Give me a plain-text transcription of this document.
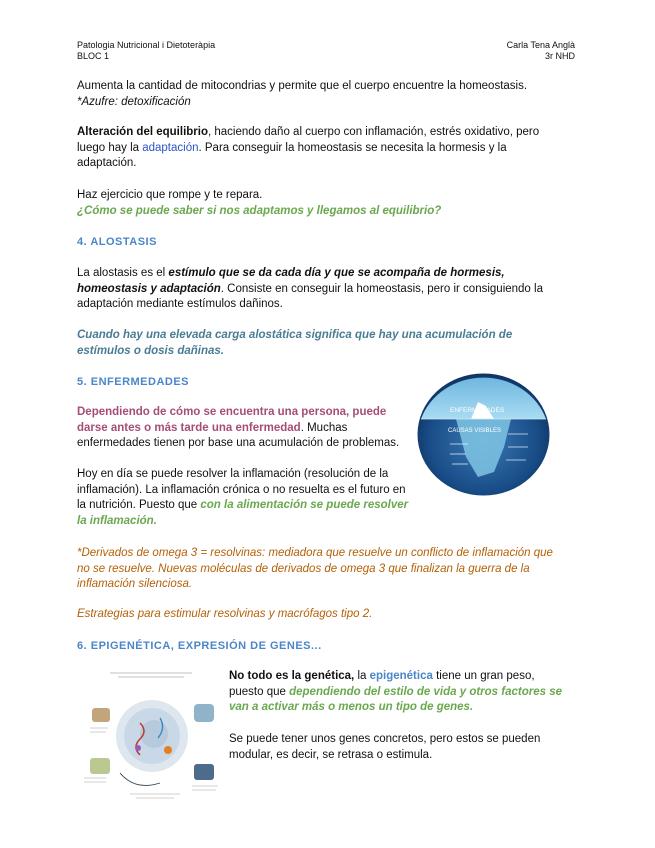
Patologia Nutricional i Dietoteràpia
BLOC 1
Carla Tena Anglà
3r NHD

Aumenta la cantidad de mitocondrias y permite que el cuerpo encuentre la homeostasis.
*Azufre: detoxificación

Alteración del equilibrio, haciendo daño al cuerpo con inflamación, estrés oxidativo, pero
luego hay la adaptación. Para conseguir la homeostasis se necesita la hormesis y la
adaptación.

Haz ejercicio que rompe y te repara.
¿Cómo se puede saber si nos adaptamos y llegamos al equilibrio?

4. ALOSTASIS

La alostasis es el estímulo que se da cada día y que se acompaña de hormesis,
homeostasis y adaptación. Consiste en conseguir la homeostasis, pero ir consiguiendo la
adaptación mediante estímulos dañinos.

Cuando hay una elevada carga alostática significa que hay una acumulación de
estímulos o dosis dañinas.

5. ENFERMEDADES

Dependiendo de cómo se encuentra una persona, puede
darse antes o más tarde una enfermedad. Muchas
enfermedades tienen por base una acumulación de problemas.

Hoy en día se puede resolver la inflamación (resolución de la
inflamación). La inflamación crónica o no resuelta es el futuro en
la nutrición. Puesto que con la alimentación se puede resolver
la inflamación.

ENFERMEDADES
CAUSAS VISIBLES

*Derivados de omega 3 = resolvinas: mediadora que resuelve un conflicto de inflamación que
no se resuelve. Nuevas moléculas de derivados de omega 3 que finalizan la guerra de la
inflamación silenciosa.

Estrategias para estimular resolvinas y macrófagos tipo 2.

6. EPIGENÉTICA, EXPRESIÓN DE GENES...

No todo es la genética, la epigenética tiene un gran peso,
puesto que dependiendo del estilo de vida y otros factores se
van a activar más o menos un tipo de genes.

Se puede tener unos genes concretos, pero estos se pueden
modular, es decir, se retrasa o estimula.
